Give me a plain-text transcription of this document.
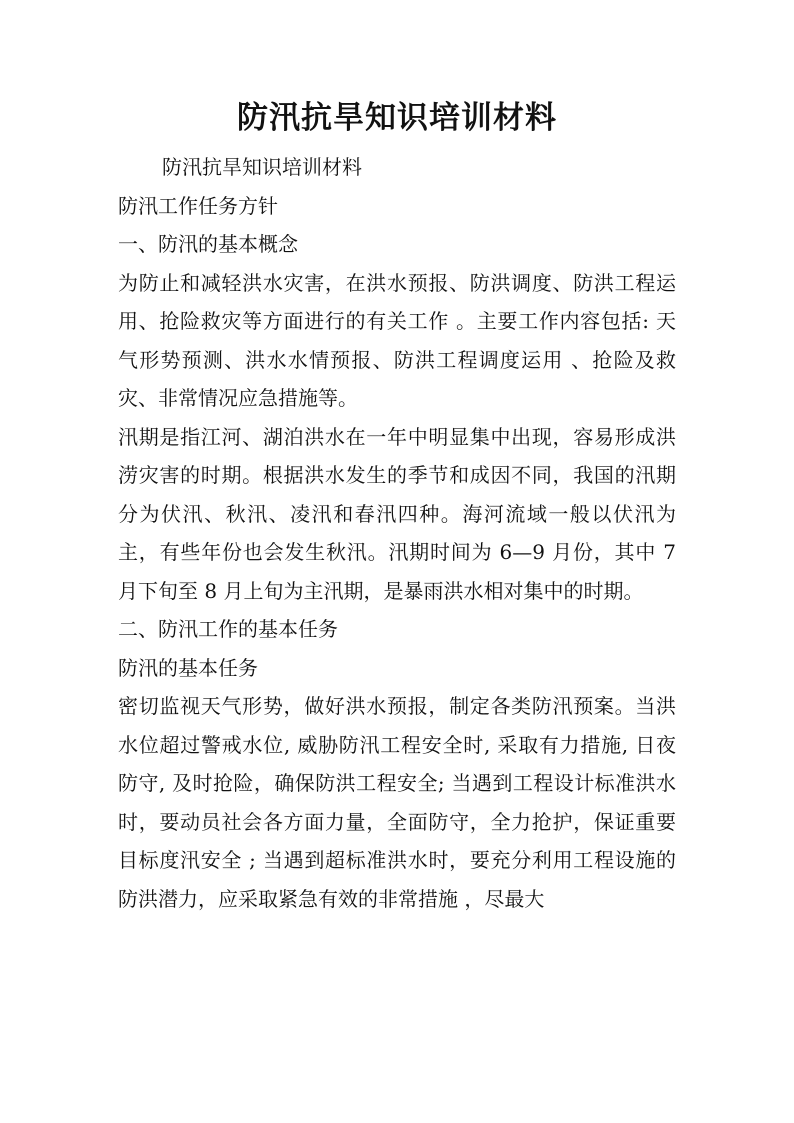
防汛抗旱知识培训材料

防汛抗旱知识培训材料

防汛工作任务方针

一、防汛的基本概念

为防止和减轻洪水灾害，在洪水预报、防洪调度、防洪工程运用、抢险救灾等方面进行的有关工作 。主要工作内容包括: 天气形势预测、洪水水情预报、防洪工程调度运用 、抢险及救灾、非常情况应急措施等。

汛期是指江河、湖泊洪水在一年中明显集中出现，容易形成洪涝灾害的时期。根据洪水发生的季节和成因不同，我国的汛期分为伏汛、秋汛、凌汛和春汛四种。海河流域一般以伏汛为主，有些年份也会发生秋汛。汛期时间为 6—9 月份，其中 7 月下旬至 8 月上旬为主汛期，是暴雨洪水相对集中的时期。

二、防汛工作的基本任务

防汛的基本任务

密切监视天气形势，做好洪水预报，制定各类防汛预案。当洪水位超过警戒水位, 威胁防汛工程安全时, 采取有力措施, 日夜防守, 及时抢险，确保防洪工程安全; 当遇到工程设计标准洪水时，要动员社会各方面力量，全面防守，全力抢护，保证重要目标度汛安全 ; 当遇到超标准洪水时，要充分利用工程设施的防洪潜力，应采取紧急有效的非常措施 ，尽最大
